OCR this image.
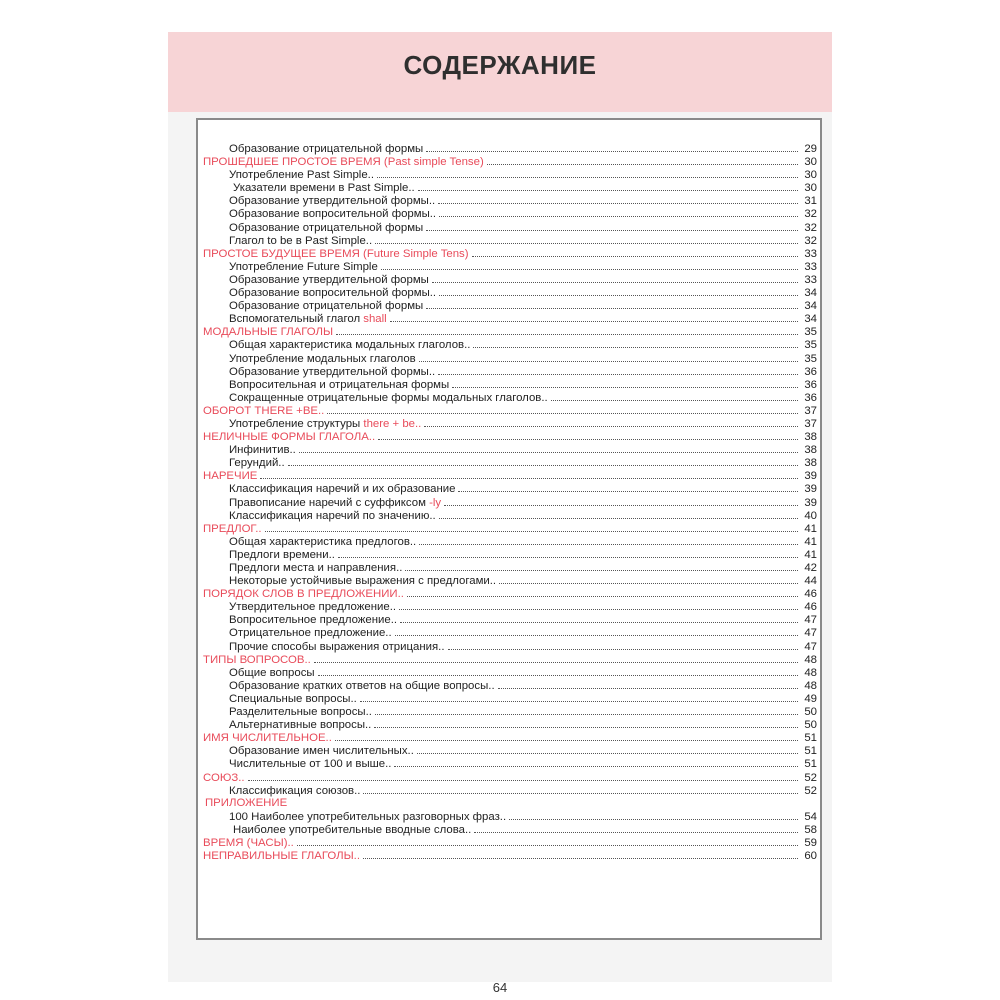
СОДЕРЖАНИЕ
Образование отрицательной формы	29
ПРОШЕДШЕЕ ПРОСТОЕ ВРЕМЯ (Past simple Tense)	30
Употребление Past Simple..	30
Указатели времени в Past Simple..	30
Образование утвердительной формы..	31
Образование вопросительной формы..	32
Образование отрицательной формы	32
Глагол to be в Past Simple..	32
ПРОСТОЕ БУДУЩЕЕ ВРЕМЯ (Future Simple Tens)	33
Употребление Future Simple	33
Образование утвердительной формы	33
Образование вопросительной формы..	34
Образование отрицательной формы	34
Вспомогательный глагол shall	34
МОДАЛЬНЫЕ ГЛАГОЛЫ	35
Общая характеристика модальных глаголов..	35
Употребление модальных глаголов	35
Образование утвердительной формы..	36
Вопросительная и отрицательная формы	36
Сокращенные отрицательные формы модальных глаголов..	36
ОБОРОТ THERE +BE..	37
Употребление структуры there + be..	37
НЕЛИЧНЫЕ ФОРМЫ ГЛАГОЛА..	38
Инфинитив..	38
Герундий..	38
НАРЕЧИЕ	39
Классификация наречий и их образование	39
Правописание наречий с суффиксом -ly	39
Классификация наречий по значению..	40
ПРЕДЛОГ..	41
Общая характеристика предлогов..	41
Предлоги времени..	41
Предлоги места и направления..	42
Некоторые устойчивые выражения с предлогами..	44
ПОРЯДОК СЛОВ В ПРЕДЛОЖЕНИИ..	46
Утвердительное предложение..	46
Вопросительное предложение..	47
Отрицательное предложение..	47
Прочие способы выражения отрицания..	47
ТИПЫ ВОПРОСОВ..	48
Общие вопросы	48
Образование кратких ответов на общие вопросы..	48
Специальные вопросы..	49
Разделительные вопросы..	50
Альтернативные вопросы..	50
ИМЯ ЧИСЛИТЕЛЬНОЕ..	51
Образование имен числительных..	51
Числительные от 100 и выше..	51
СОЮЗ..	52
Классификация союзов..	52
ПРИЛОЖЕНИЕ
100 Наиболее употребительных разговорных фраз..	54
Наиболее употребительные вводные слова..	58
ВРЕМЯ (ЧАСЫ)..	59
НЕПРАВИЛЬНЫЕ ГЛАГОЛЫ..	60
64
